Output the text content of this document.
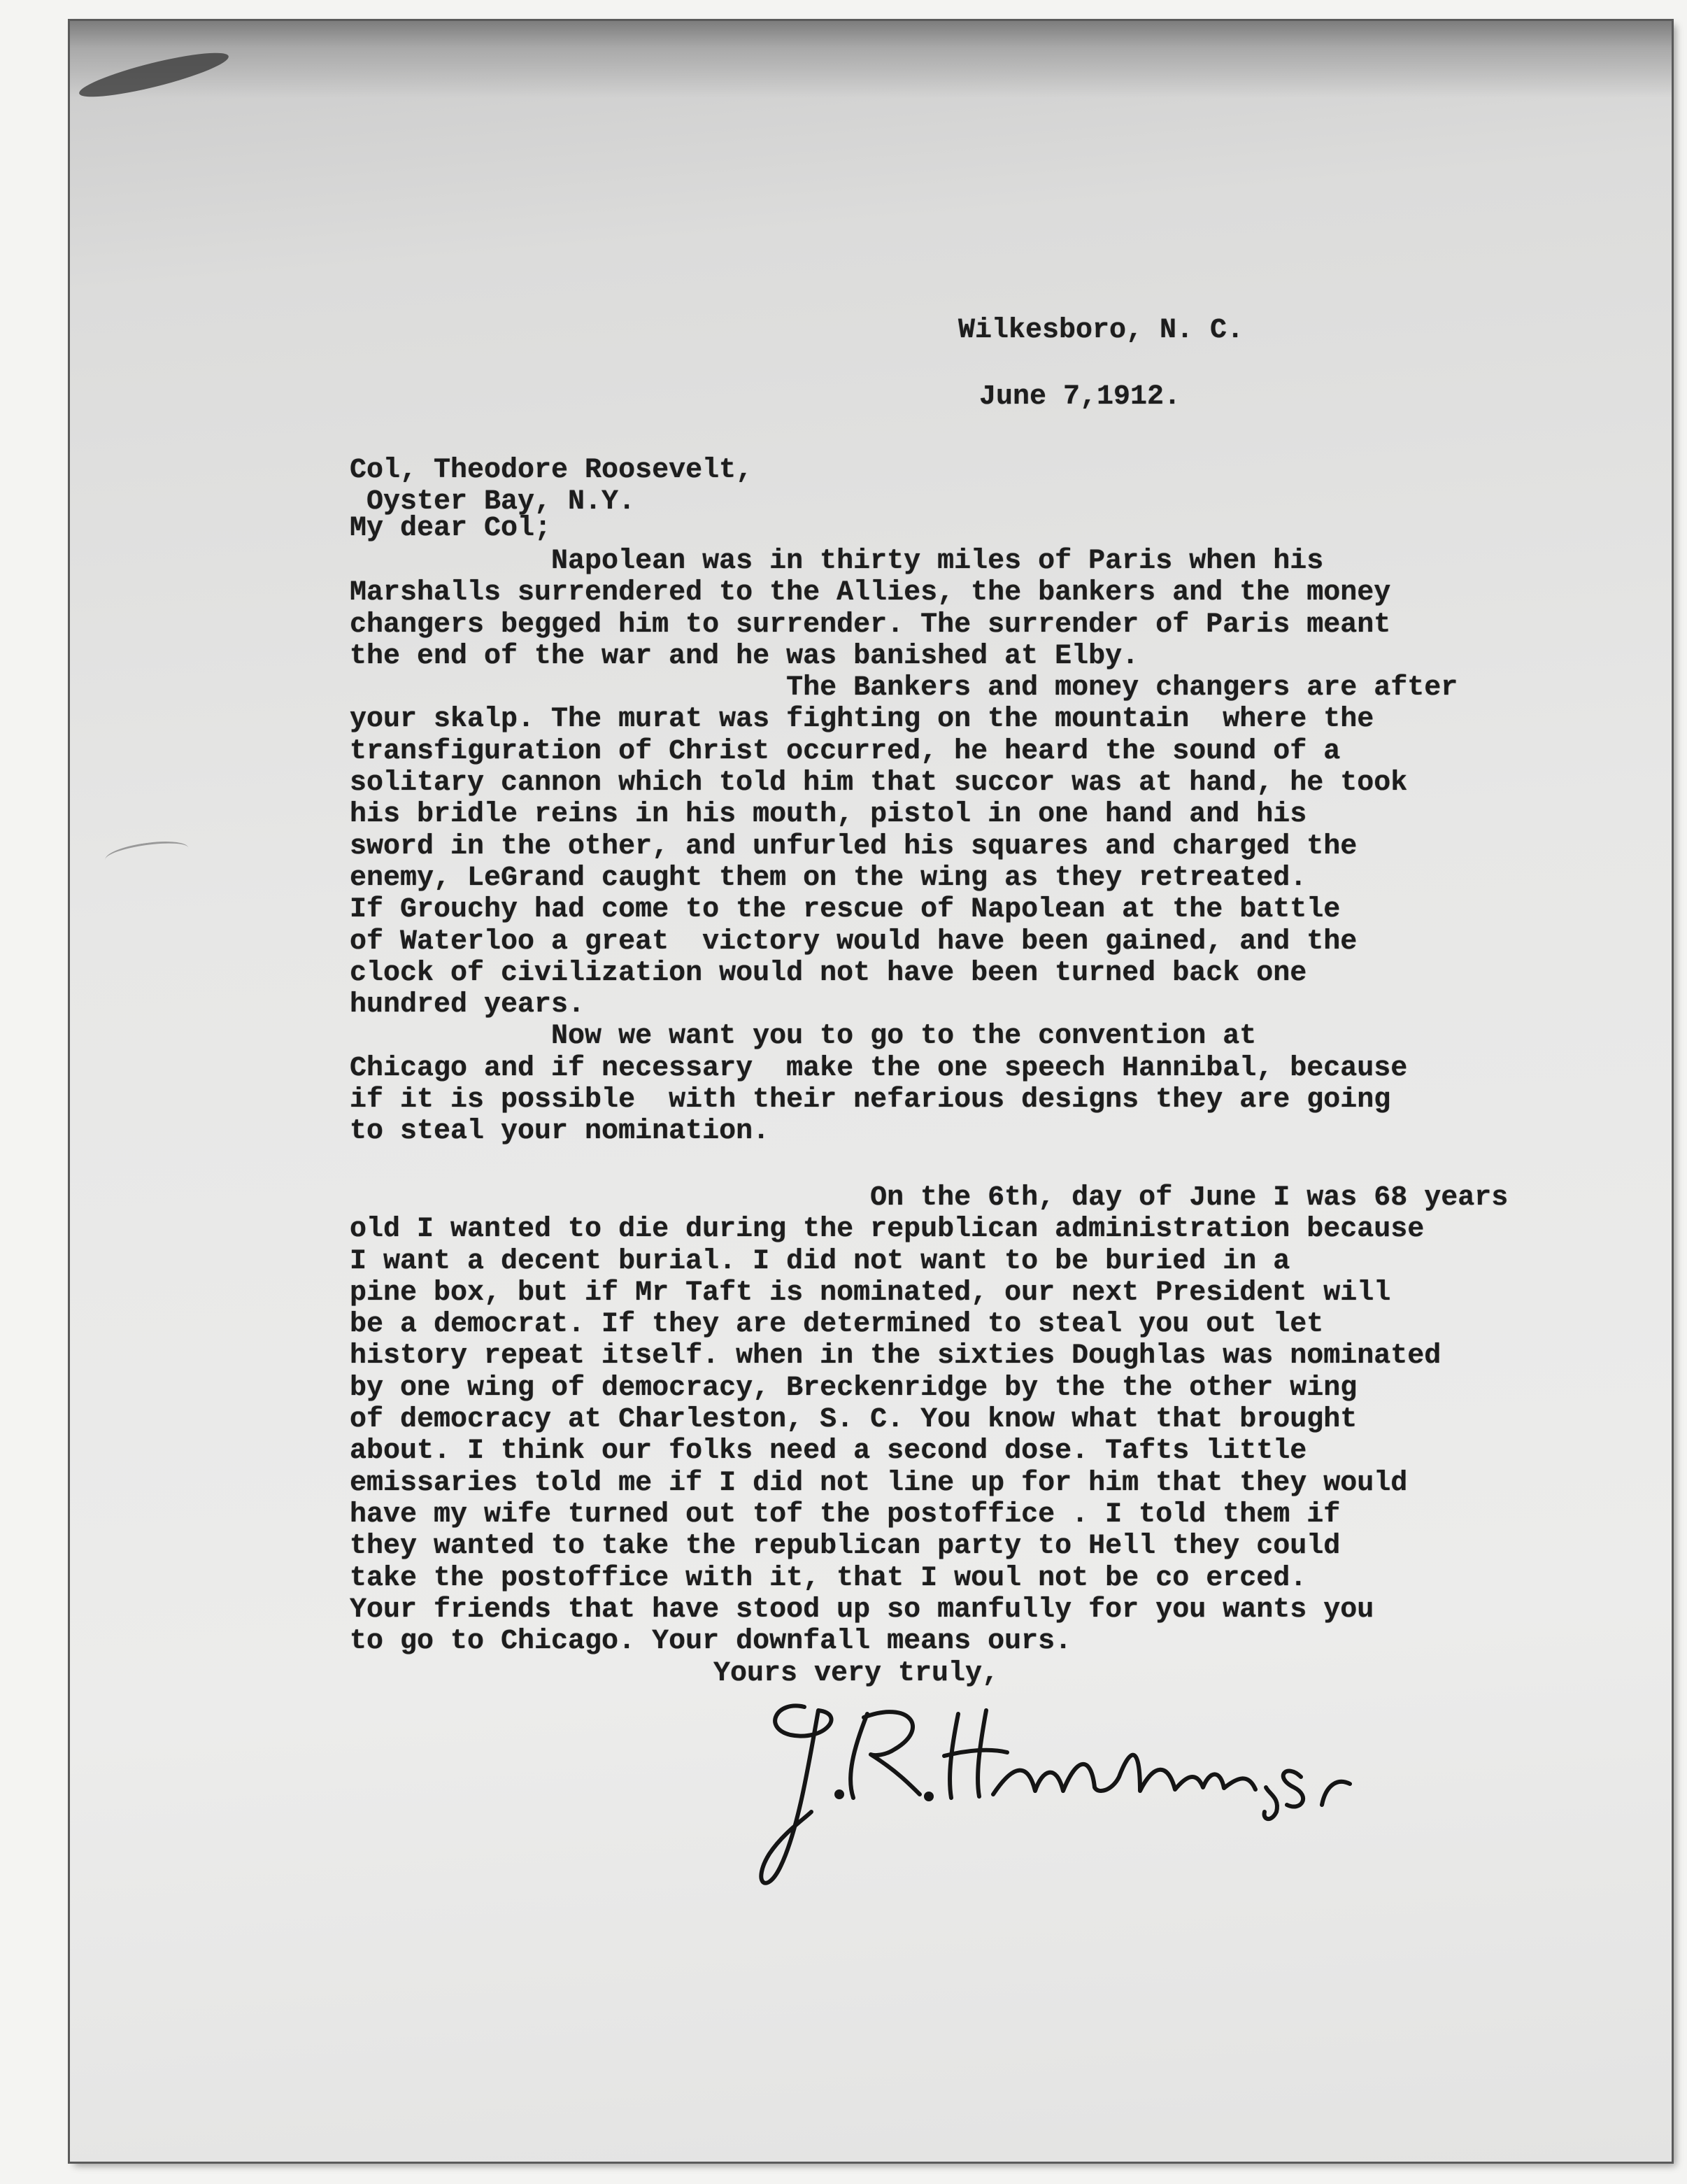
Wilkesboro, N. C.
June 7,1912.
Col, Theodore Roosevelt,
Oyster Bay, N.Y.
My dear Col;
Napolean was in thirty miles of Paris when his
Marshalls surrendered to the Allies, the bankers and the money
changers begged him to surrender. The surrender of Paris meant
the end of the war and he was banished at Elby.
The Bankers and money changers are after
your skalp. The murat was fighting on the mountain  where the
transfiguration of Christ occurred, he heard the sound of a
solitary cannon which told him that succor was at hand, he took
his bridle reins in his mouth, pistol in one hand and his
sword in the other, and unfurled his squares and charged the
enemy, LeGrand caught them on the wing as they retreated.
If Grouchy had come to the rescue of Napolean at the battle
of Waterloo a great  victory would have been gained, and the
clock of civilization would not have been turned back one
hundred years.
Now we want you to go to the convention at
Chicago and if necessary  make the one speech Hannibal, because
if it is possible  with their nefarious designs they are going
to steal your nomination.
On the 6th, day of June I was 68 years
old I wanted to die during the republican administration because
I want a decent burial. I did not want to be buried in a
pine box, but if Mr Taft is nominated, our next President will
be a democrat. If they are determined to steal you out let
history repeat itself. when in the sixties Doughlas was nominated
by one wing of democracy, Breckenridge by the the other wing
of democracy at Charleston, S. C. You know what that brought
about. I think our folks need a second dose. Tafts little
emissaries told me if I did not line up for him that they would
have my wife turned out tof the postoffice . I told them if
they wanted to take the republican party to Hell they could
take the postoffice with it, that I woul not be co erced.
Your friends that have stood up so manfully for you wants you
to go to Chicago. Your downfall means ours.
Yours very truly,
